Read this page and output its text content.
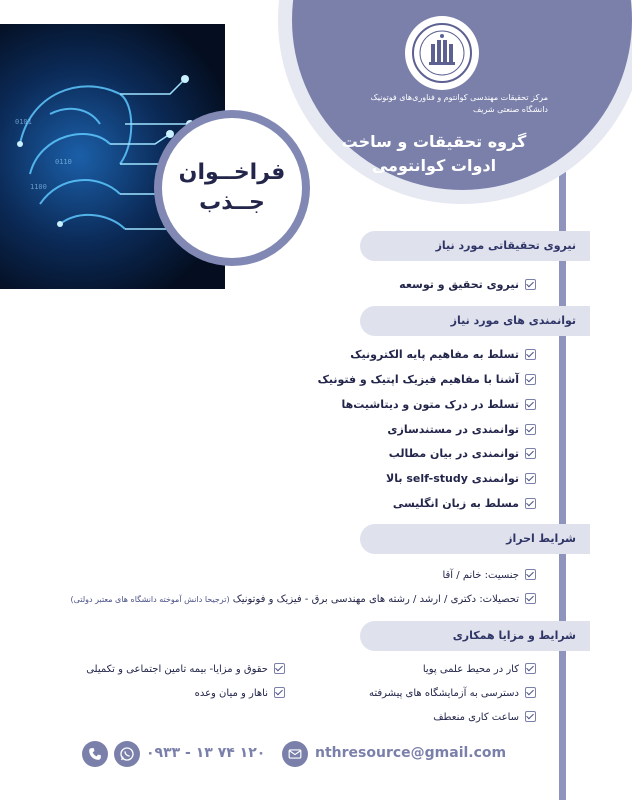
مرکز تحقیقات مهندسی کوانتوم و فناوری‌های فوتونیک
دانشگاه صنعتی شریف
گروه تحقیقات و ساخت
ادوات کوانتومی
0101
1100
0110	فراخــوان
جــذب
نیروی تحقیقاتی مورد نیاز
نیروی تحقیق و توسعه
توانمندی های مورد نیاز
تسلط به مفاهیم پایه الکترونیک
آشنا با مفاهیم فیزیک اپتیک و فتونیک
تسلط در درک متون و دیتاشیت‌ها
توانمندی در مستندسازی
توانمندی در بیان مطالب
توانمندی self-study بالا
مسلط به زبان انگلیسی
شرایط احراز
جنسیت: خانم / آقا
تحصیلات: دکتری / ارشد / رشته های مهندسی برق - فیزیک و فوتونیک (ترجیحا دانش آموخته دانشگاه های معتبر دولتی)
شرایط و مزایا همکاری
کار در محیط علمی پویا
دسترسی به آزمایشگاه های پیشرفته
ساعت کاری منعطف
حقوق و مزایا- بیمه تامین اجتماعی و تکمیلی
ناهار و میان وعده
۰۹۳۳ - ۱۳ ۷۴ ۱۲۰	nthresource@gmail.com
